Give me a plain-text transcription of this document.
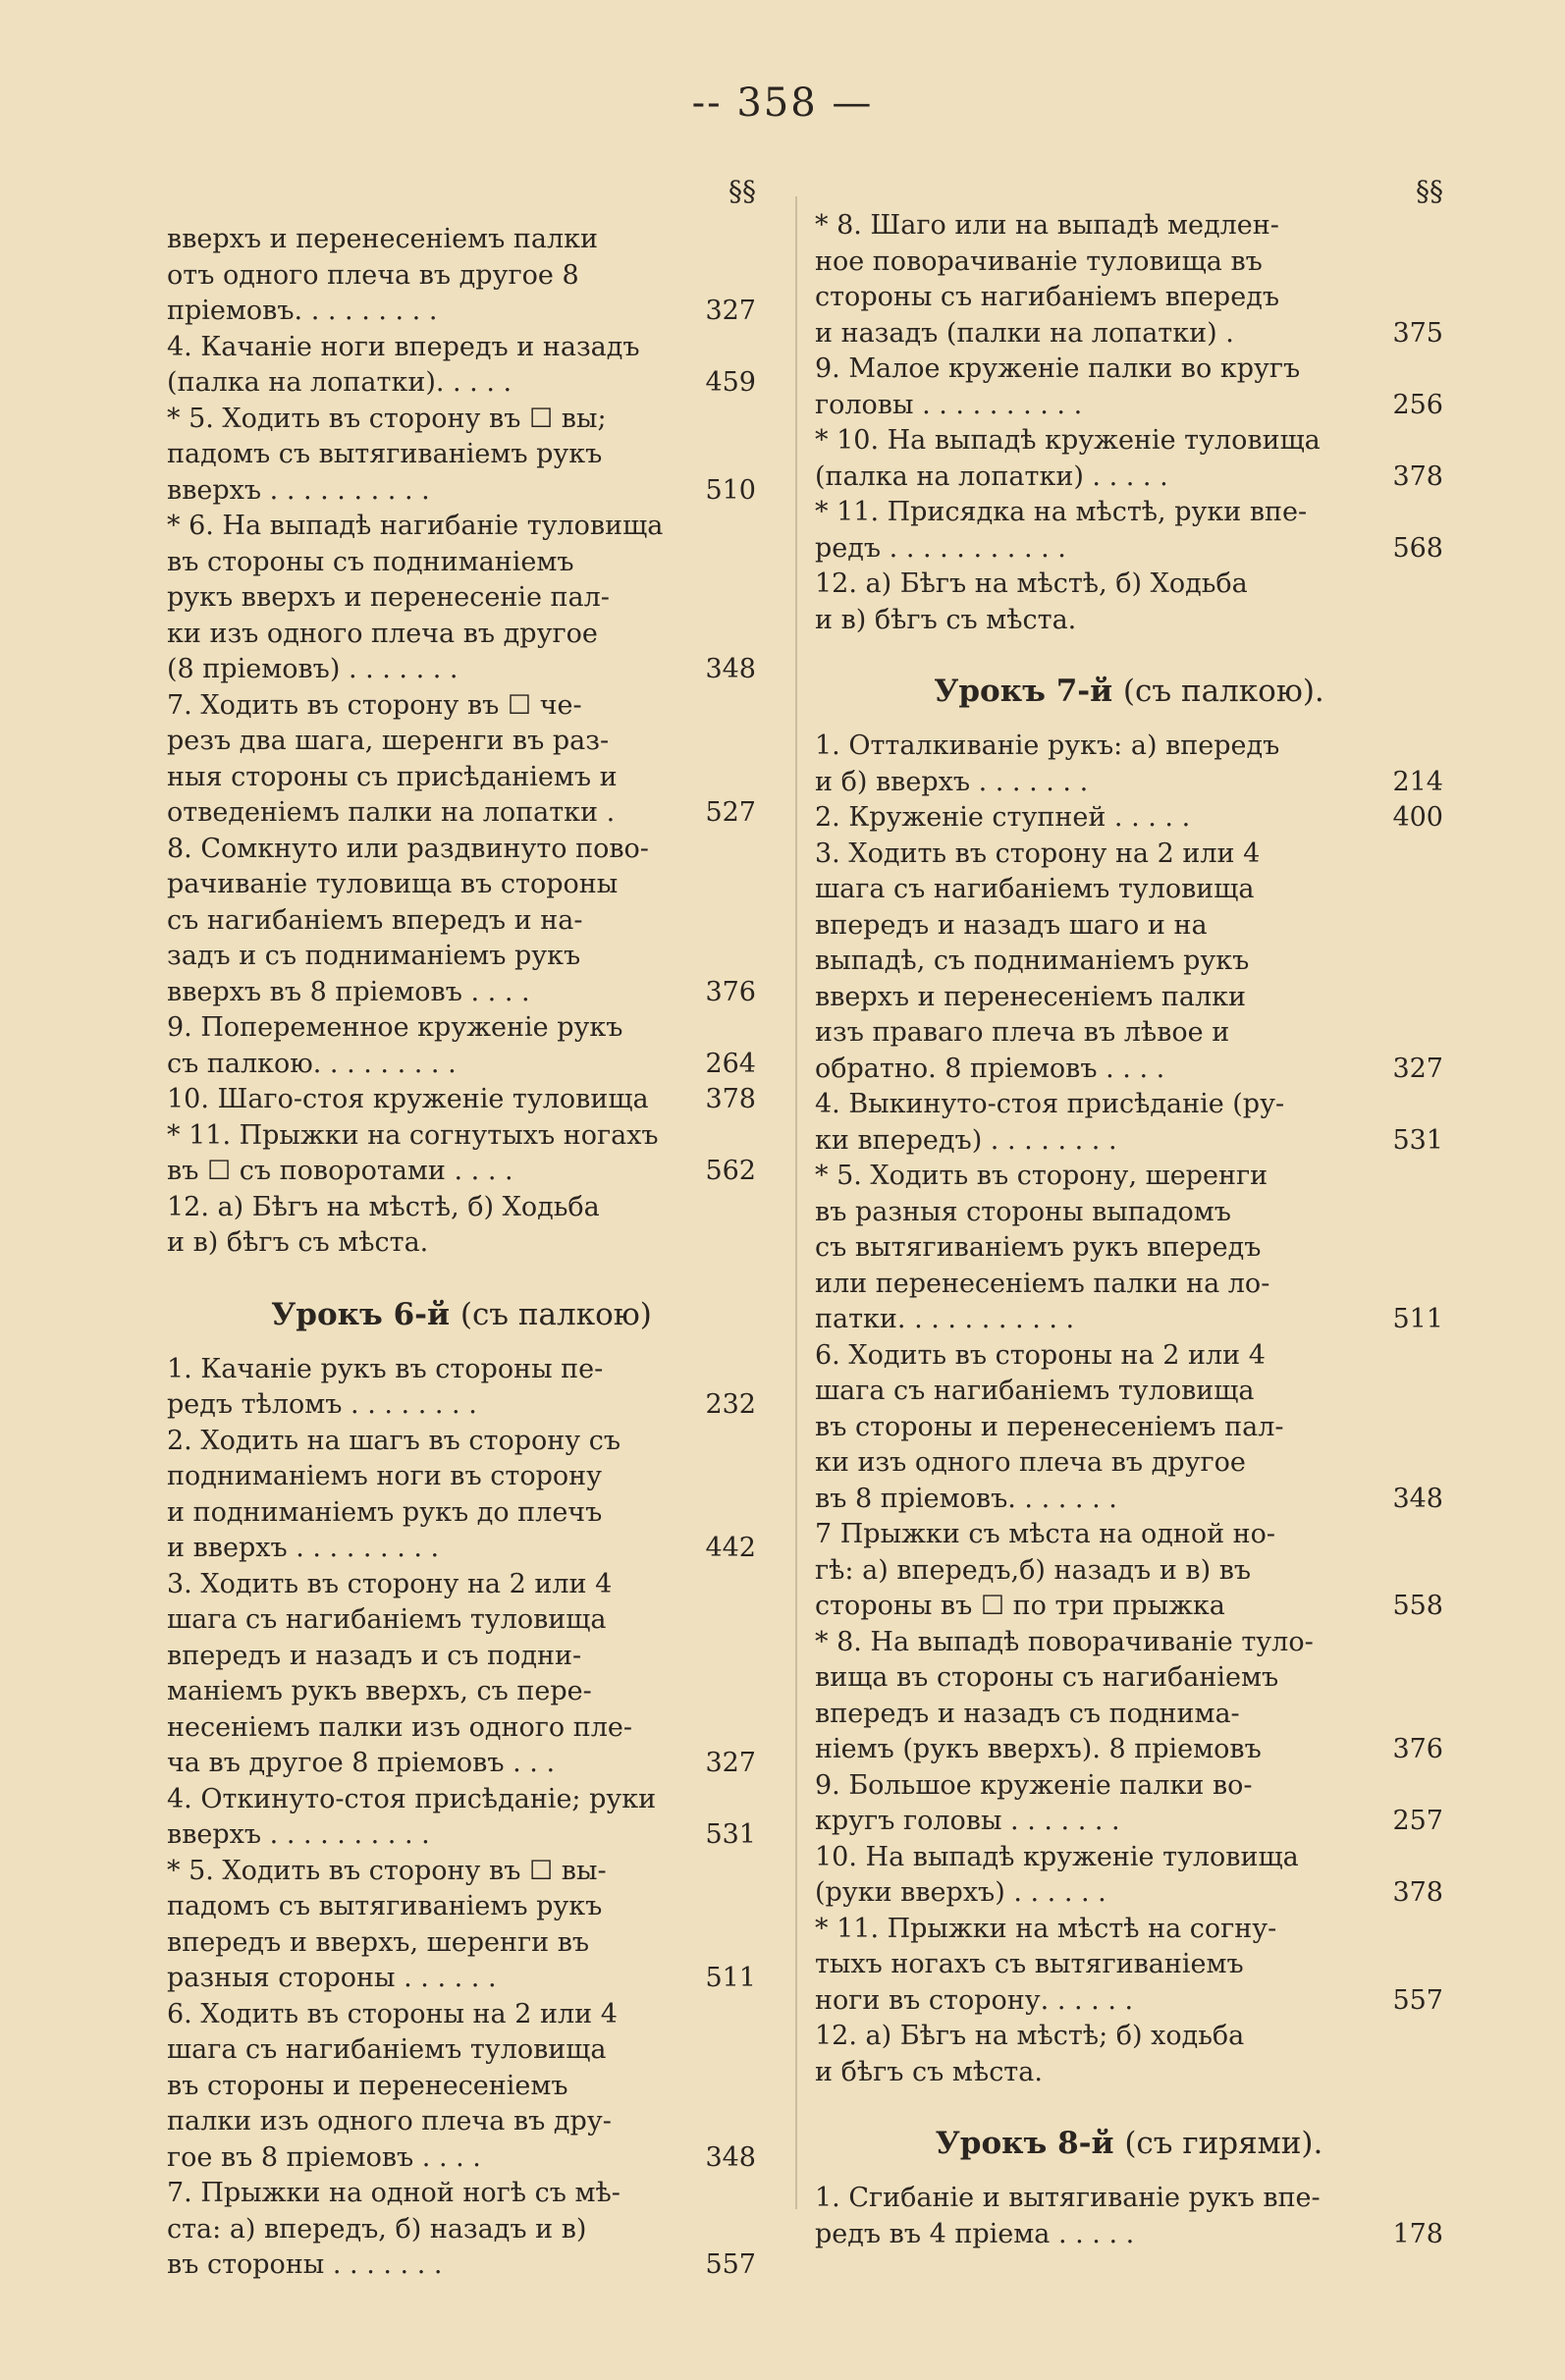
-- 358 —
§§
вверхъ и перенесеніемъ палки
отъ одного плеча въ другое 8
пріемовъ. . . . . . . . .	327
4. Качаніе ноги впередъ и назадъ
(палка на лопатки). . . . .	459
* 5. Ходить въ сторону въ ☐ вы;
падомъ съ вытягиваніемъ рукъ
вверхъ . . . . . . . . . .	510
* 6. На выпадѣ нагибаніе туловища
въ стороны съ подниманіемъ
рукъ вверхъ и перенесеніе пал-
ки изъ одного плеча въ другое
(8 пріемовъ) . . . . . . .	348
7. Ходить въ сторону въ ☐ че-
резъ два шага, шеренги въ раз-
ныя стороны съ присѣданіемъ и
отведеніемъ палки на лопатки .	527
8. Сомкнуто или раздвинуто пово-
рачиваніе туловища въ стороны
съ нагибаніемъ впередъ и на-
задъ и съ подниманіемъ рукъ
вверхъ въ 8 пріемовъ . . . .	376
9. Попеременное круженіе рукъ
съ палкою. . . . . . . . .	264
10. Шаго-стоя круженіе туловища 378
* 11. Прыжки на согнутыхъ ногахъ
въ ☐ съ поворотами . . . .	562
12. а) Бѣгъ на мѣстѣ, б) Ходьба
и в) бѣгъ съ мѣста.
Урокъ 6-й (съ палкою)
1. Качаніе рукъ въ стороны пе-
редъ тѣломъ . . . . . . . .	232
2. Ходить на шагъ въ сторону съ
подниманіемъ ноги въ сторону
и подниманіемъ рукъ до плечъ
и вверхъ . . . . . . . . .	442
3. Ходить въ сторону на 2 или 4
шага съ нагибаніемъ туловища
впередъ и назадъ и съ подни-
маніемъ рукъ вверхъ, съ пере-
несеніемъ палки изъ одного пле-
ча въ другое 8 пріемовъ . . .	327
4. Откинуто-стоя присѣданіе; руки
вверхъ . . . . . . . . . .	531
* 5. Ходить въ сторону въ ☐ вы-
падомъ съ вытягиваніемъ рукъ
впередъ и вверхъ, шеренги въ
разныя стороны . . . . . .	511
6. Ходить въ стороны на 2 или 4
шага съ нагибаніемъ туловища
въ стороны и перенесеніемъ
палки изъ одного плеча въ дру-
гое въ 8 пріемовъ . . . .	348
7. Прыжки на одной ногѣ съ мѣ-
ста: а) впередъ, б) назадъ и в)
въ стороны . . . . . . .	557
§§
* 8. Шаго или на выпадѣ медлен-
ное поворачиваніе туловища въ
стороны съ нагибаніемъ впередъ
и назадъ (палки на лопатки) .	375
9. Малое круженіе палки во кругъ
головы . . . . . . . . . .	256
* 10. На выпадѣ круженіе туловища
(палка на лопатки) . . . . .	378
* 11. Присядка на мѣстѣ, руки впе-
редъ . . . . . . . . . . .	568
12. а) Бѣгъ на мѣстѣ, б) Ходьба
и в) бѣгъ съ мѣста.
Урокъ 7-й (съ палкою).
1. Отталкиваніе рукъ: а) впередъ
и б) вверхъ . . . . . . .	214
2. Круженіе ступней . . . . .	400
3. Ходить въ сторону на 2 или 4
шага съ нагибаніемъ туловища
впередъ и назадъ шаго и на
выпадѣ, съ подниманіемъ рукъ
вверхъ и перенесеніемъ палки
изъ праваго плеча въ лѣвое и
обратно. 8 пріемовъ . . . .	327
4. Выкинуто-стоя присѣданіе (ру-
ки впередъ) . . . . . . . .	531
* 5. Ходить въ сторону, шеренги
въ разныя стороны выпадомъ
съ вытягиваніемъ рукъ впередъ
или перенесеніемъ палки на ло-
патки. . . . . . . . . . .	511
6. Ходить въ стороны на 2 или 4
шага съ нагибаніемъ туловища
въ стороны и перенесеніемъ пал-
ки изъ одного плеча въ другое
въ 8 пріемовъ. . . . . . .	348
7 Прыжки съ мѣста на одной но-
гѣ: а) впередъ,б) назадъ и в) въ
стороны въ ☐ по три прыжка	558
* 8. На выпадѣ поворачиваніе туло-
вища въ стороны съ нагибаніемъ
впередъ и назадъ съ поднима-
ніемъ (рукъ вверхъ). 8 пріемовъ	376
9. Большое круженіе палки во-
кругъ головы . . . . . . .	257
10. На выпадѣ круженіе туловища
(руки вверхъ) . . . . . .	378
* 11. Прыжки на мѣстѣ на согну-
тыхъ ногахъ съ вытягиваніемъ
ноги въ сторону. . . . . .	557
12. а) Бѣгъ на мѣстѣ; б) ходьба
и бѣгъ съ мѣста.
Урокъ 8-й (съ гирями).
1. Сгибаніе и вытягиваніе рукъ впе-
редъ въ 4 пріема . . . . .	178
